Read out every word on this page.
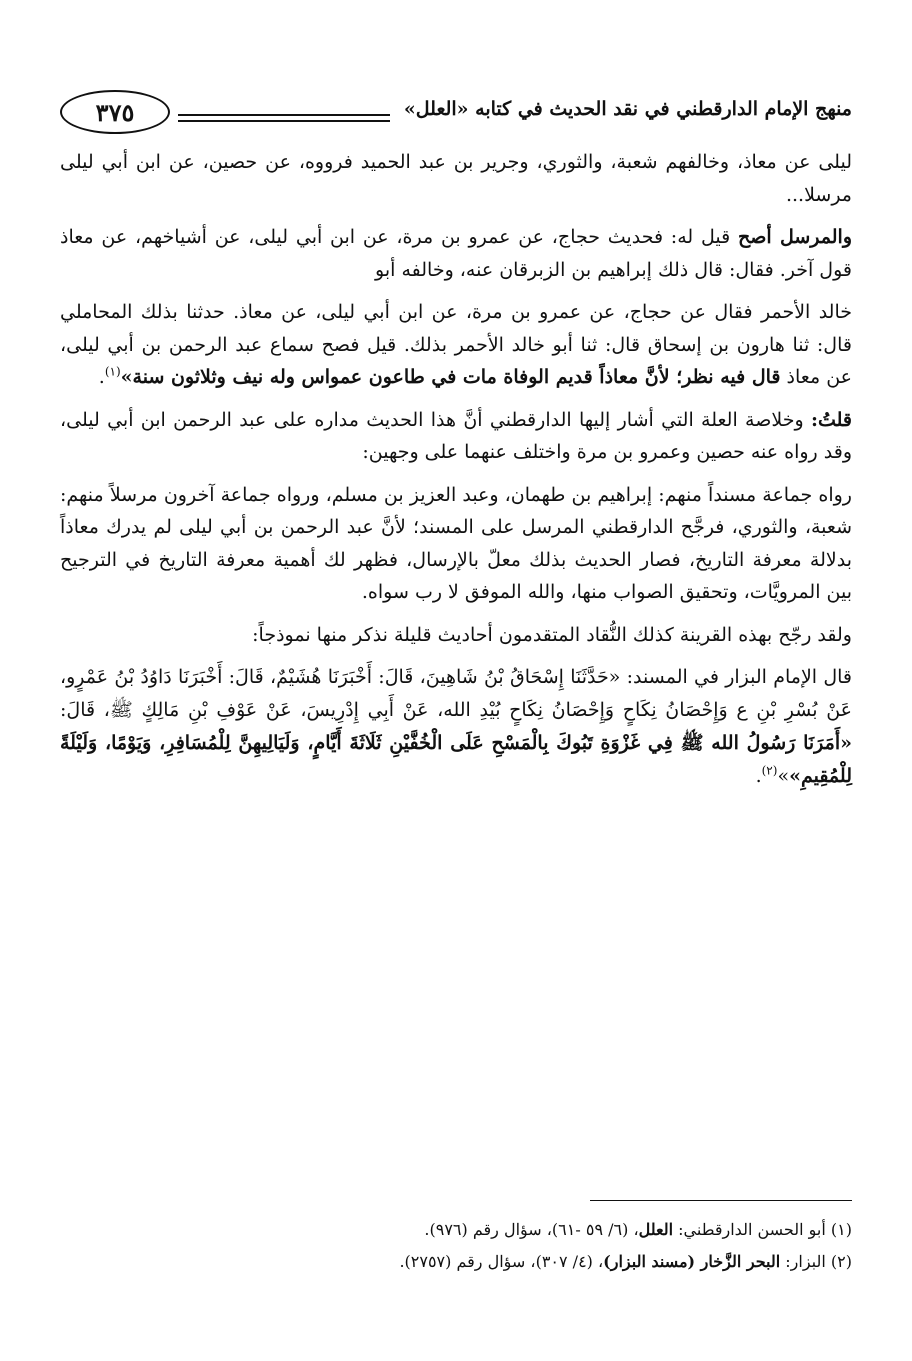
منهج الإمام الدارقطني في نقد الحديث في كتابه «العلل»
٣٧٥

ليلى عن معاذ، وخالفهم شعبة، والثوري، وجرير بن عبد الحميد فرووه، عن حصين، عن ابن أبي ليلى مرسلا...

والمرسل أصح قيل له: فحديث حجاج، عن عمرو بن مرة، عن ابن أبي ليلى، عن أشياخهم، عن معاذ قول آخر. فقال: قال ذلك إبراهيم بن الزبرقان عنه، وخالفه أبو

خالد الأحمر فقال عن حجاج، عن عمرو بن مرة، عن ابن أبي ليلى، عن معاذ. حدثنا بذلك المحاملي قال: ثنا هارون بن إسحاق قال: ثنا أبو خالد الأحمر بذلك. قيل فصح سماع عبد الرحمن بن أبي ليلى، عن معاذ قال فيه نظر؛ لأنَّ معاذاً قديم الوفاة مات في طاعون عمواس وله نيف وثلاثون سنة»$^{(١)}$.

قلتُ: وخلاصة العلة التي أشار إليها الدارقطني أنَّ هذا الحديث مداره على عبد الرحمن ابن أبي ليلى، وقد رواه عنه حصين وعمرو بن مرة واختلف عنهما على وجهين:

رواه جماعة مسنداً منهم: إبراهيم بن طهمان، وعبد العزيز بن مسلم، ورواه جماعة آخرون مرسلاً منهم: شعبة، والثوري، فرجَّح الدارقطني المرسل على المسند؛ لأنَّ عبد الرحمن بن أبي ليلى لم يدرك معاذاً بدلالة معرفة التاريخ، فصار الحديث بذلك معلّ بالإرسال، فظهر لك أهمية معرفة التاريخ في الترجيح بين المرويَّات، وتحقيق الصواب منها، والله الموفق لا رب سواه.

ولقد رجّح بهذه القرينة كذلك النُّقاد المتقدمون أحاديث قليلة نذكر منها نموذجاً:

قال الإمام البزار في المسند: «حَدَّثَنَا إِسْحَاقُ بْنُ شَاهِينَ، قَالَ: أَخْبَرَنَا هُشَيْمٌ، قَالَ: أَخْبَرَنَا دَاوُدُ بْنُ عَمْرٍو، عَنْ بُسْرِ بْنِ ع وَإِحْصَانُ نِكَاحٍ وَإِحْصَانُ نِكَاحٍ بُيْدِ الله، عَنْ أَبِي إِدْرِيسَ، عَنْ عَوْفِ بْنِ مَالِكٍ ﷺ، قَالَ: «أَمَرَنَا رَسُولُ الله ﷺ فِي غَزْوَةِ تَبُوكَ بِالْمَسْحِ عَلَى الْخُفَّيْنِ ثَلَاثَةَ أَيَّامٍ، وَلَيَالِيهِنَّ لِلْمُسَافِرِ، وَيَوْمًا، وَلَيْلَةً لِلْمُقِيمِ»»$^{(٢)}$.

(١) أبو الحسن الدارقطني: العلل، (٦/ ٥٩ -٦١)، سؤال رقم (٩٧٦).

(٢) البزار: البحر الزَّخار (مسند البزار)، (٤/ ٣٠٧)، سؤال رقم (٢٧٥٧).
